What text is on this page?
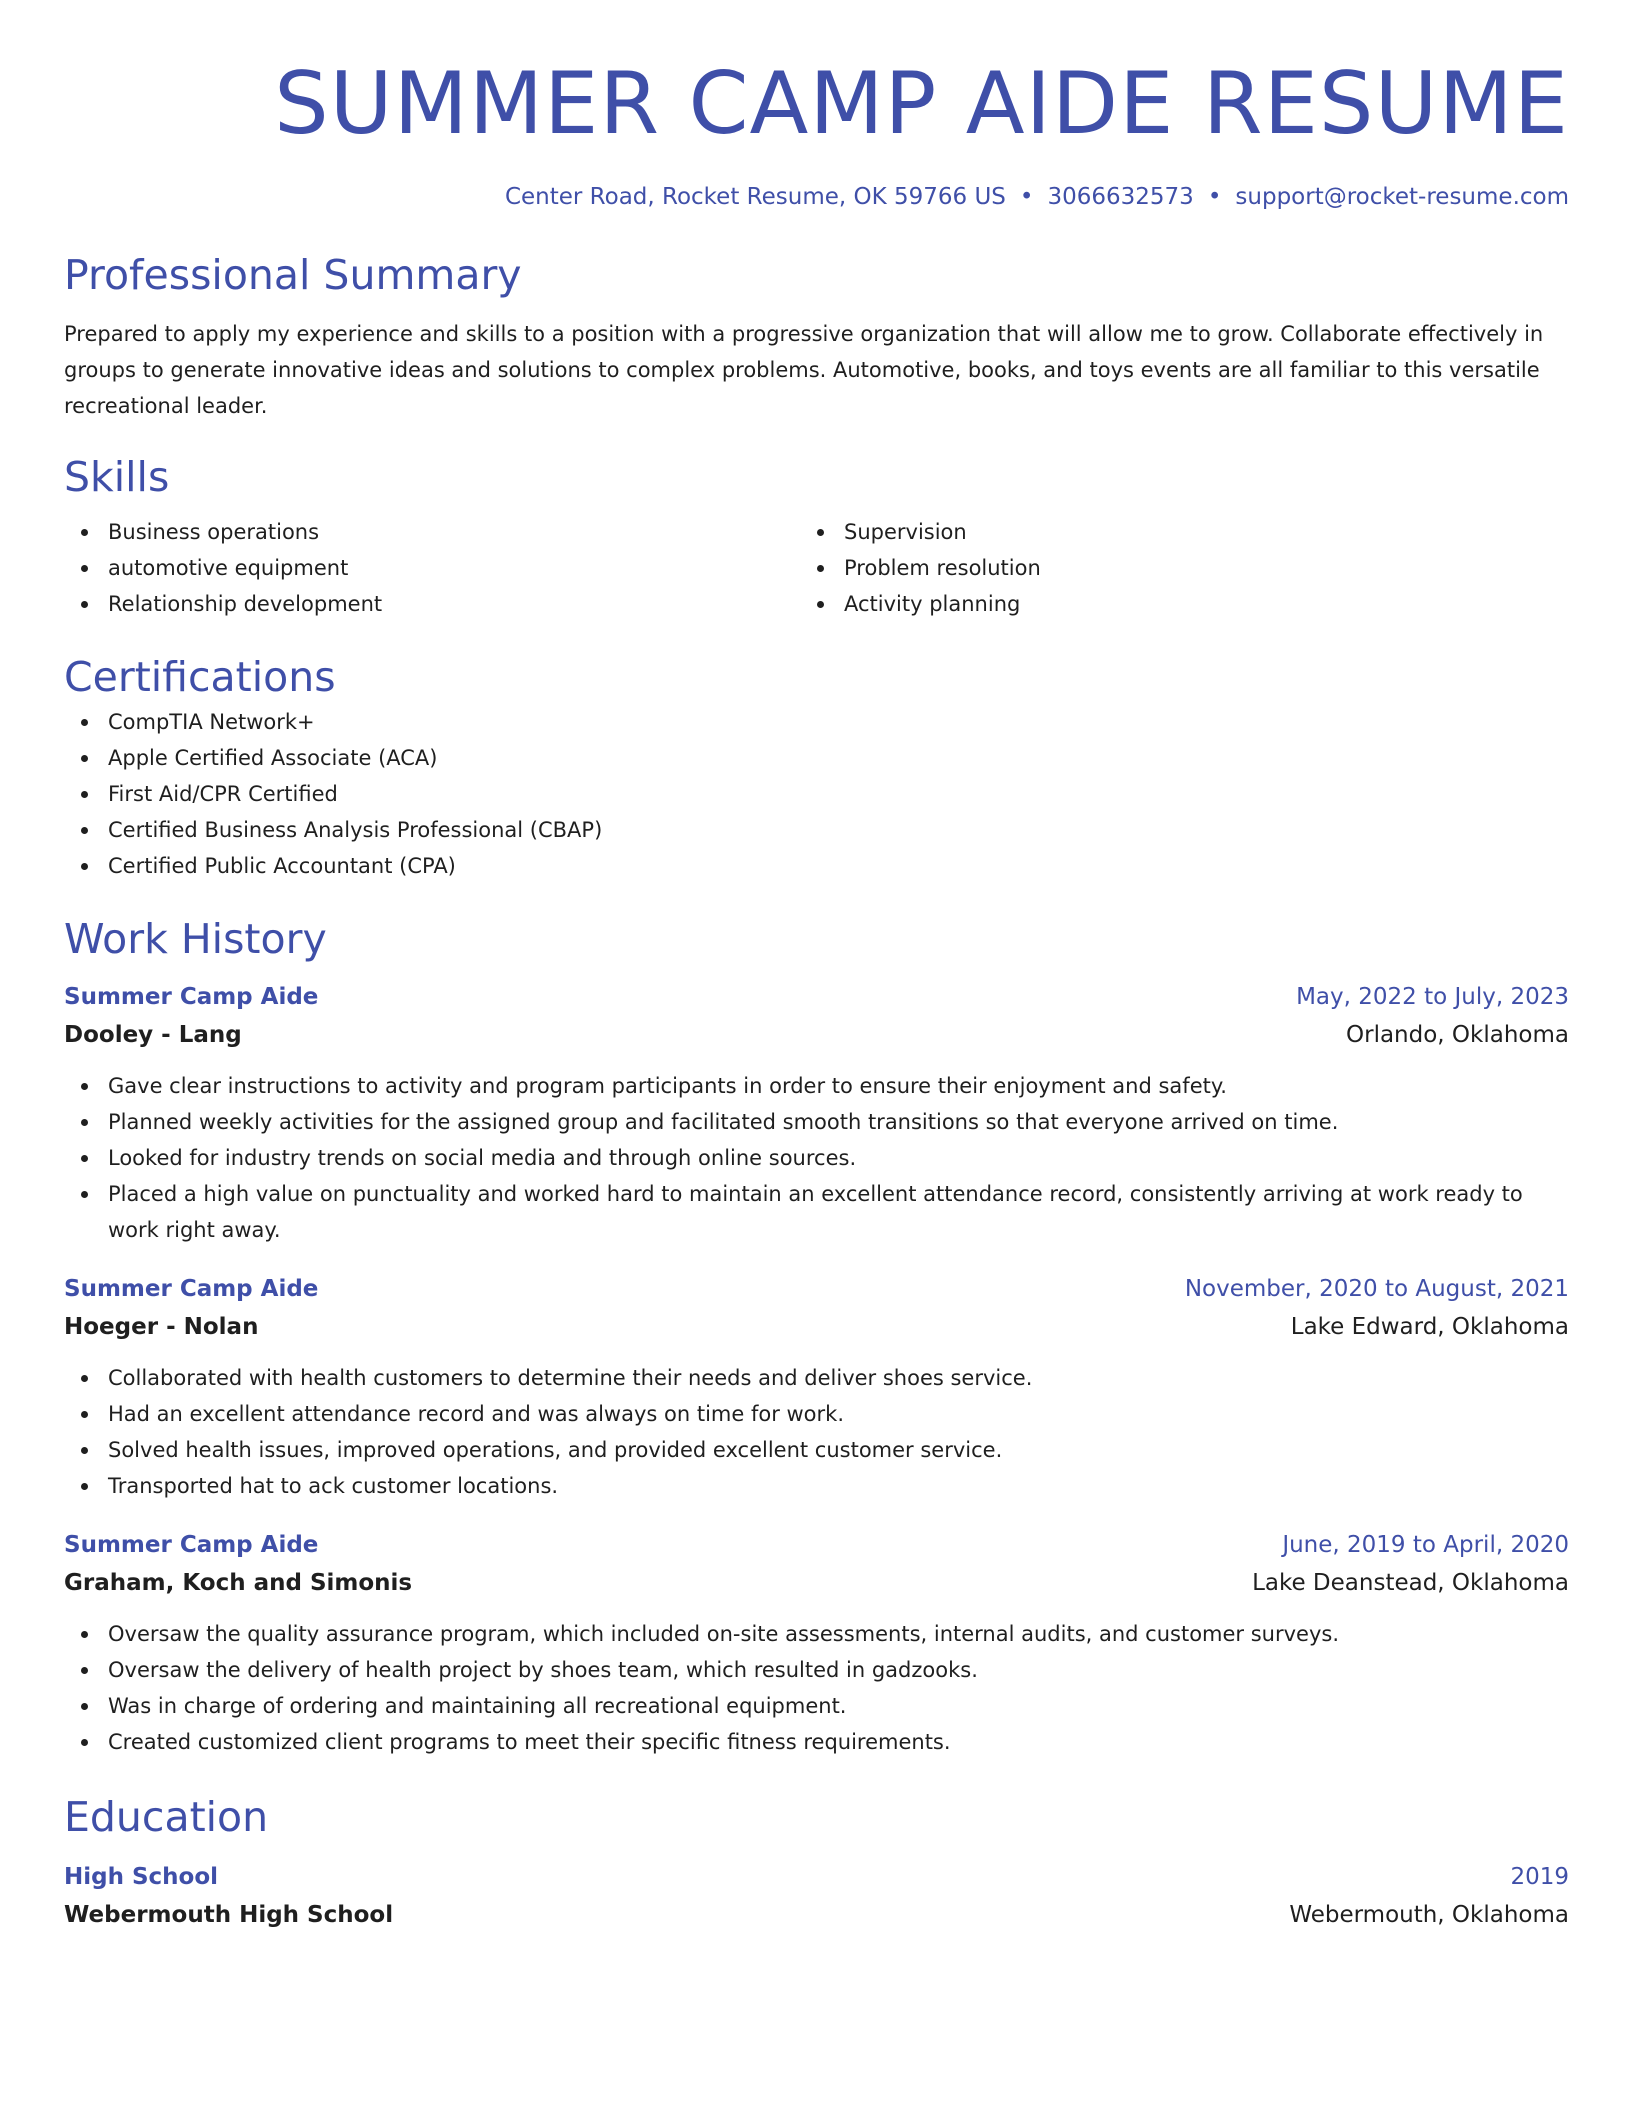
SUMMER CAMP AIDE RESUME
Center Road, Rocket Resume, OK 59766 US • 3066632573 • support@rocket-resume.com
Professional Summary
Prepared to apply my experience and skills to a position with a progressive organization that will allow me to grow. Collaborate effectively in groups to generate innovative ideas and solutions to complex problems. Automotive, books, and toys events are all familiar to this versatile recreational leader.
Skills
Business operations
automotive equipment
Relationship development
Supervision
Problem resolution
Activity planning
Certifications
CompTIA Network+
Apple Certified Associate (ACA)
First Aid/CPR Certified
Certified Business Analysis Professional (CBAP)
Certified Public Accountant (CPA)
Work History
Summer Camp Aide	May, 2022 to July, 2023
Dooley - Lang	Orlando, Oklahoma
Gave clear instructions to activity and program participants in order to ensure their enjoyment and safety.
Planned weekly activities for the assigned group and facilitated smooth transitions so that everyone arrived on time.
Looked for industry trends on social media and through online sources.
Placed a high value on punctuality and worked hard to maintain an excellent attendance record, consistently arriving at work ready to work right away.
Summer Camp Aide	November, 2020 to August, 2021
Hoeger - Nolan	Lake Edward, Oklahoma
Collaborated with health customers to determine their needs and deliver shoes service.
Had an excellent attendance record and was always on time for work.
Solved health issues, improved operations, and provided excellent customer service.
Transported hat to ack customer locations.
Summer Camp Aide	June, 2019 to April, 2020
Graham, Koch and Simonis	Lake Deanstead, Oklahoma
Oversaw the quality assurance program, which included on-site assessments, internal audits, and customer surveys.
Oversaw the delivery of health project by shoes team, which resulted in gadzooks.
Was in charge of ordering and maintaining all recreational equipment.
Created customized client programs to meet their specific fitness requirements.
Education
High School	2019
Webermouth High School	Webermouth, Oklahoma
